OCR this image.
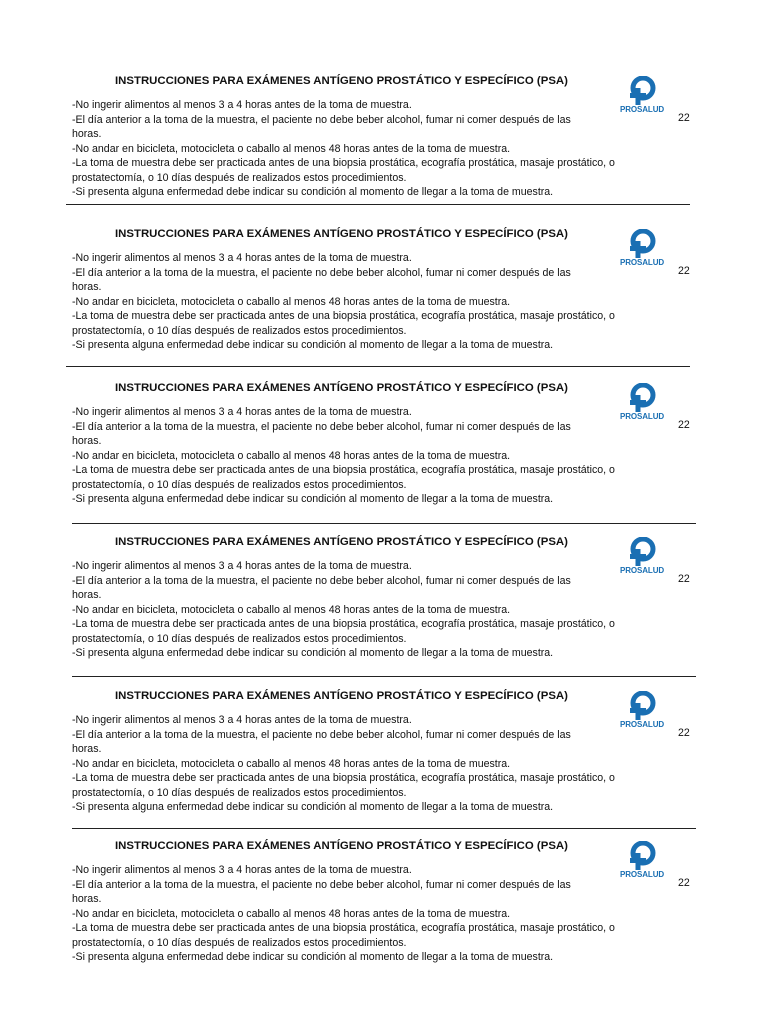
INSTRUCCIONES PARA EXÁMENES ANTÍGENO PROSTÁTICO Y ESPECÍFICO (PSA)
-No ingerir alimentos al menos 3 a 4 horas antes de la toma de muestra.
-El día anterior a la toma de la muestra, el paciente no debe beber alcohol, fumar ni comer después de las
horas.
-No andar en bicicleta, motocicleta o caballo al menos 48 horas antes de la toma de muestra.
-La toma de muestra debe ser practicada antes de una biopsia prostática, ecografía prostática, masaje prostático, o
prostatectomía, o 10 días después de realizados estos procedimientos.
-Si presenta alguna enfermedad debe indicar su condición al momento de llegar a la toma de muestra.
PROSALUD
22
INSTRUCCIONES PARA EXÁMENES ANTÍGENO PROSTÁTICO Y ESPECÍFICO (PSA)
-No ingerir alimentos al menos 3 a 4 horas antes de la toma de muestra.
-El día anterior a la toma de la muestra, el paciente no debe beber alcohol, fumar ni comer después de las
horas.
-No andar en bicicleta, motocicleta o caballo al menos 48 horas antes de la toma de muestra.
-La toma de muestra debe ser practicada antes de una biopsia prostática, ecografía prostática, masaje prostático, o
prostatectomía, o 10 días después de realizados estos procedimientos.
-Si presenta alguna enfermedad debe indicar su condición al momento de llegar a la toma de muestra.
PROSALUD
22
INSTRUCCIONES PARA EXÁMENES ANTÍGENO PROSTÁTICO Y ESPECÍFICO (PSA)
-No ingerir alimentos al menos 3 a 4 horas antes de la toma de muestra.
-El día anterior a la toma de la muestra, el paciente no debe beber alcohol, fumar ni comer después de las
horas.
-No andar en bicicleta, motocicleta o caballo al menos 48 horas antes de la toma de muestra.
-La toma de muestra debe ser practicada antes de una biopsia prostática, ecografía prostática, masaje prostático, o
prostatectomía, o 10 días después de realizados estos procedimientos.
-Si presenta alguna enfermedad debe indicar su condición al momento de llegar a la toma de muestra.
PROSALUD
22
INSTRUCCIONES PARA EXÁMENES ANTÍGENO PROSTÁTICO Y ESPECÍFICO (PSA)
-No ingerir alimentos al menos 3 a 4 horas antes de la toma de muestra.
-El día anterior a la toma de la muestra, el paciente no debe beber alcohol, fumar ni comer después de las
horas.
-No andar en bicicleta, motocicleta o caballo al menos 48 horas antes de la toma de muestra.
-La toma de muestra debe ser practicada antes de una biopsia prostática, ecografía prostática, masaje prostático, o
prostatectomía, o 10 días después de realizados estos procedimientos.
-Si presenta alguna enfermedad debe indicar su condición al momento de llegar a la toma de muestra.
PROSALUD
22
INSTRUCCIONES PARA EXÁMENES ANTÍGENO PROSTÁTICO Y ESPECÍFICO (PSA)
-No ingerir alimentos al menos 3 a 4 horas antes de la toma de muestra.
-El día anterior a la toma de la muestra, el paciente no debe beber alcohol, fumar ni comer después de las
horas.
-No andar en bicicleta, motocicleta o caballo al menos 48 horas antes de la toma de muestra.
-La toma de muestra debe ser practicada antes de una biopsia prostática, ecografía prostática, masaje prostático, o
prostatectomía, o 10 días después de realizados estos procedimientos.
-Si presenta alguna enfermedad debe indicar su condición al momento de llegar a la toma de muestra.
PROSALUD
22
INSTRUCCIONES PARA EXÁMENES ANTÍGENO PROSTÁTICO Y ESPECÍFICO (PSA)
-No ingerir alimentos al menos 3 a 4 horas antes de la toma de muestra.
-El día anterior a la toma de la muestra, el paciente no debe beber alcohol, fumar ni comer después de las
horas.
-No andar en bicicleta, motocicleta o caballo al menos 48 horas antes de la toma de muestra.
-La toma de muestra debe ser practicada antes de una biopsia prostática, ecografía prostática, masaje prostático, o
prostatectomía, o 10 días después de realizados estos procedimientos.
-Si presenta alguna enfermedad debe indicar su condición al momento de llegar a la toma de muestra.
PROSALUD
22
